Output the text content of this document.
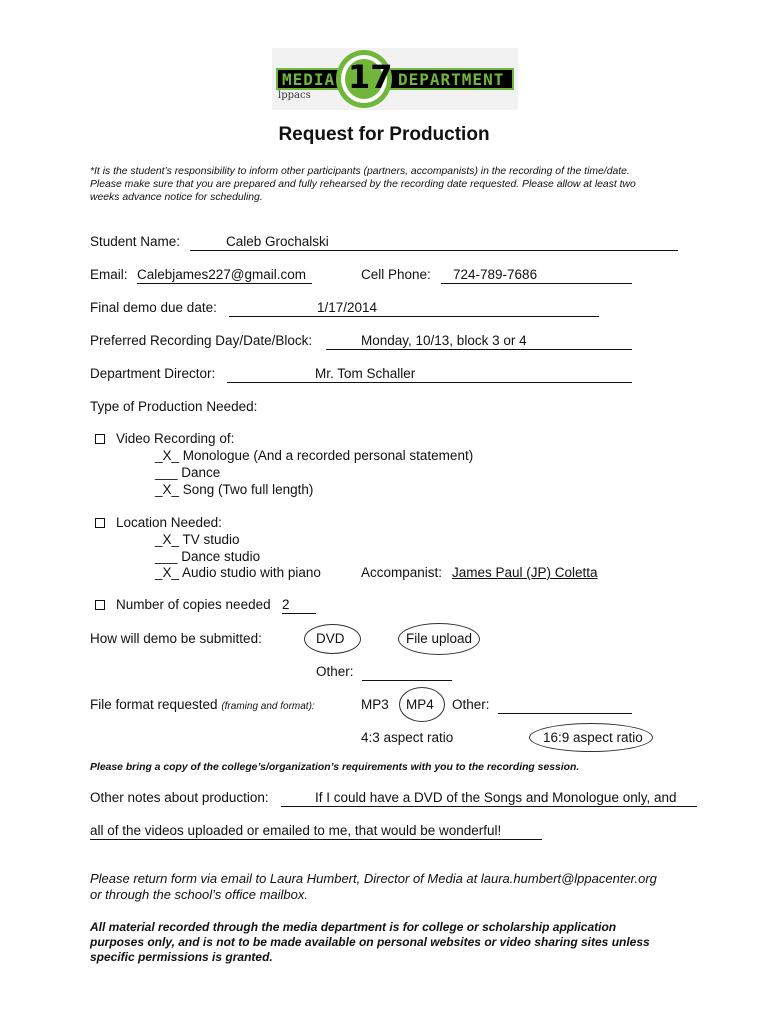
MEDIA 17 DEPARTMENT
lppacs
Request for Production
*It is the student’s responsibility to inform other participants (partners, accompanists) in the recording of the time/date.
Please make sure that you are prepared and fully rehearsed by the recording date requested. Please allow at least two
weeks advance notice for scheduling.
Student Name:	Caleb Grochalski
Email: Calebjames227@gmail.com	Cell Phone:	724-789-7686
Final demo due date:	1/17/2014
Preferred Recording Day/Date/Block:	Monday, 10/13, block 3 or 4
Department Director:	Mr. Tom Schaller
Type of Production Needed:
Video Recording of:
_X_ Monologue (And a recorded personal statement)
___ Dance
_X_ Song (Two full length)
Location Needed:
_X_ TV studio
___ Dance studio
_X_ Audio studio with piano	Accompanist: James Paul (JP) Coletta
Number of copies needed 2
How will demo be submitted:	DVD	File upload
Other:
File format requested (framing and format):	MP3 MP4 Other:
4:3 aspect ratio	16:9 aspect ratio
Please bring a copy of the college’s/organization’s requirements with you to the recording session.
Other notes about production:	If I could have a DVD of the Songs and Monologue only, and
all of the videos uploaded or emailed to me, that would be wonderful!
Please return form via email to Laura Humbert, Director of Media at laura.humbert@lppacenter.org
or through the school’s office mailbox.
All material recorded through the media department is for college or scholarship application
purposes only, and is not to be made available on personal websites or video sharing sites unless
specific permissions is granted.
